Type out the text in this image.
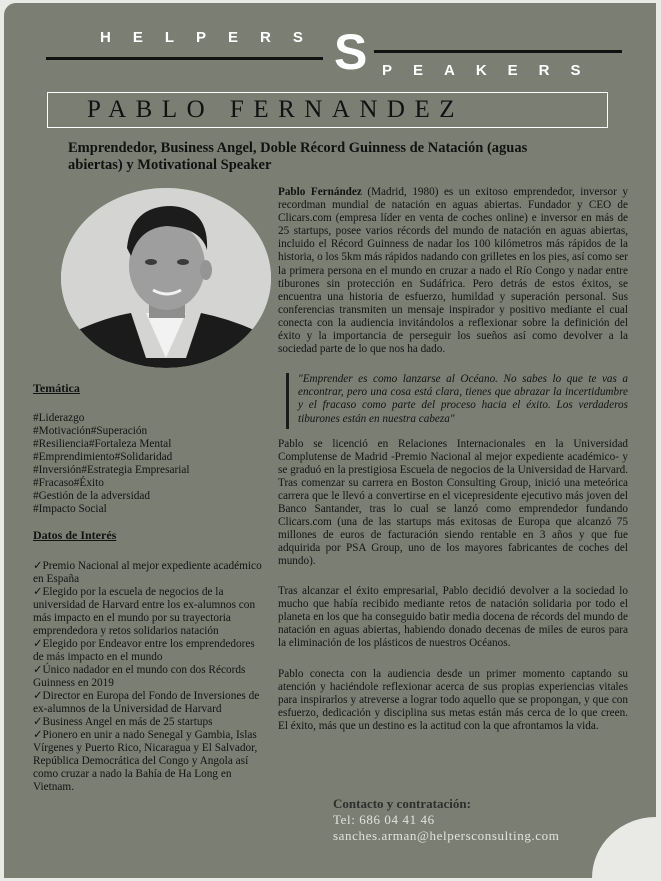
HELPERS S PEAKERS
PABLO FERNANDEZ
Emprendedor, Business Angel, Doble Récord Guinness de Natación (aguas abiertas) y Motivational Speaker
Temática
#Liderazgo
#Motivación#Superación
#Resiliencia#Fortaleza Mental
#Emprendimiento#Solidaridad
#Inversión#Estrategia Empresarial
#Fracaso#Éxito
#Gestión de la adversidad
#Impacto Social
Datos de Interés
✓Premio Nacional al mejor expediente académico en España
✓Elegido por la escuela de negocios de la universidad de Harvard entre los ex-alumnos con más impacto en el mundo por su trayectoria emprendedora y retos solidarios natación
✓Elegido por Endeavor entre los emprendedores de más impacto en el mundo
✓Único nadador en el mundo con dos Récords Guinness en 2019
✓Director en Europa del Fondo de Inversiones de ex-alumnos de la Universidad de Harvard
✓Business Angel en más de 25 startups
✓Pionero en unir a nado Senegal y Gambia, Islas Vírgenes y Puerto Rico, Nicaragua y El Salvador, República Democrática del Congo y Angola así como cruzar a nado la Bahía de Ha Long en Vietnam.

Pablo Fernández (Madrid, 1980) es un exitoso emprendedor, inversor y recordman mundial de natación en aguas abiertas. Fundador y CEO de Clicars.com (empresa líder en venta de coches online) e inversor en más de 25 startups, posee varios récords del mundo de natación en aguas abiertas, incluido el Récord Guinness de nadar los 100 kilómetros más rápidos de la historia, o los 5km más rápidos nadando con grilletes en los pies, así como ser la primera persona en el mundo en cruzar a nado el Río Congo y nadar entre tiburones sin protección en Sudáfrica. Pero detrás de estos éxitos, se encuentra una historia de esfuerzo, humildad y superación personal. Sus conferencias transmiten un mensaje inspirador y positivo mediante el cual conecta con la audiencia invitándolos a reflexionar sobre la definición del éxito y la importancia de perseguir los sueños así como devolver a la sociedad parte de lo que nos ha dado.

"Emprender es como lanzarse al Océano. No sabes lo que te vas a encontrar, pero una cosa está clara, tienes que abrazar la incertidumbre y el fracaso como parte del proceso hacia el éxito. Los verdaderos tiburones están en nuestra cabeza"

Pablo se licenció en Relaciones Internacionales en la Universidad Complutense de Madrid -Premio Nacional al mejor expediente académico- y se graduó en la prestigiosa Escuela de negocios de la Universidad de Harvard. Tras comenzar su carrera en Boston Consulting Group, inició una meteórica carrera que le llevó a convertirse en el vicepresidente ejecutivo más joven del Banco Santander, tras lo cual se lanzó como emprendedor fundando Clicars.com (una de las startups más exitosas de Europa que alcanzó 75 millones de euros de facturación siendo rentable en 3 años y que fue adquirida por PSA Group, uno de los mayores fabricantes de coches del mundo).

Tras alcanzar el éxito empresarial, Pablo decidió devolver a la sociedad lo mucho que había recibido mediante retos de natación solidaria por todo el planeta en los que ha conseguido batir media docena de récords del mundo de natación en aguas abiertas, habiendo donado decenas de miles de euros para la eliminación de los plásticos de nuestros Océanos.

Pablo conecta con la audiencia desde un primer momento captando su atención y haciéndole reflexionar acerca de sus propias experiencias vitales para inspirarlos y atreverse a lograr todo aquello que se propongan, y que con esfuerzo, dedicación y disciplina sus metas están más cerca de lo que creen. El éxito, más que un destino es la actitud con la que afrontamos la vida.

Contacto y contratación:
Tel: 686 04 41 46
sanches.arman@helpersconsulting.com
